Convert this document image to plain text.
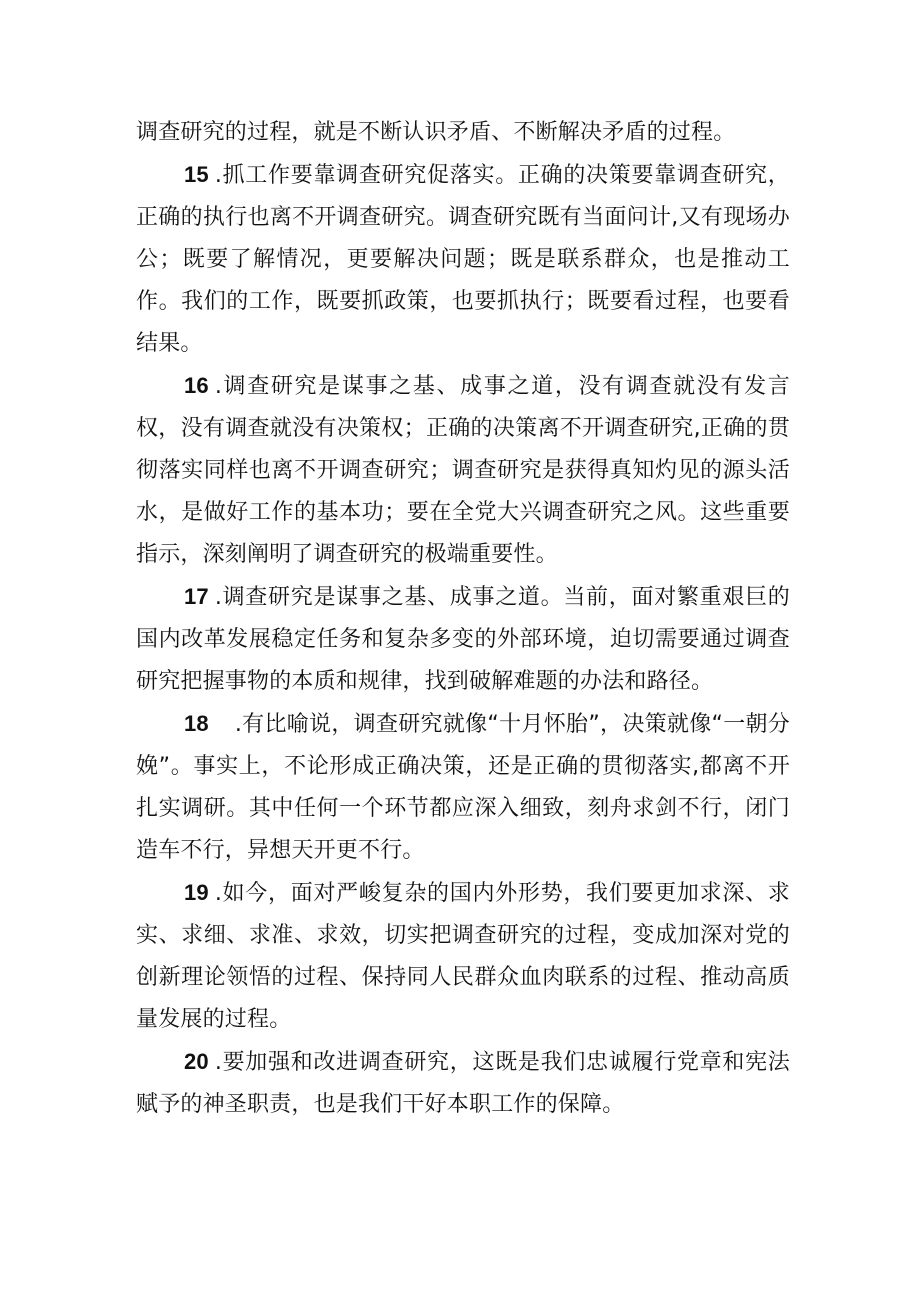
调查研究的过程，就是不断认识矛盾、不断解决矛盾的过程。

15 .抓工作要靠调查研究促落实。正确的决策要靠调查研究，正确的执行也离不开调查研究。调查研究既有当面问计,又有现场办公；既要了解情况，更要解决问题；既是联系群众，也是推动工作。我们的工作，既要抓政策，也要抓执行；既要看过程，也要看结果。

16 .调查研究是谋事之基、成事之道，没有调查就没有发言权，没有调查就没有决策权；正确的决策离不开调查研究,正确的贯彻落实同样也离不开调查研究；调查研究是获得真知灼见的源头活水，是做好工作的基本功；要在全党大兴调查研究之风。这些重要指示，深刻阐明了调查研究的极端重要性。

17 .调查研究是谋事之基、成事之道。当前，面对繁重艰巨的国内改革发展稳定任务和复杂多变的外部环境，迫切需要通过调查研究把握事物的本质和规律，找到破解难题的办法和路径。

18 .有比喻说，调查研究就像“十月怀胎”，决策就像“一朝分娩”。事实上，不论形成正确决策，还是正确的贯彻落实,都离不开扎实调研。其中任何一个环节都应深入细致，刻舟求剑不行，闭门造车不行，异想天开更不行。

19 .如今，面对严峻复杂的国内外形势，我们要更加求深、求实、求细、求准、求效，切实把调查研究的过程，变成加深对党的创新理论领悟的过程、保持同人民群众血肉联系的过程、推动高质量发展的过程。

20 .要加强和改进调查研究，这既是我们忠诚履行党章和宪法赋予的神圣职责，也是我们干好本职工作的保障。
